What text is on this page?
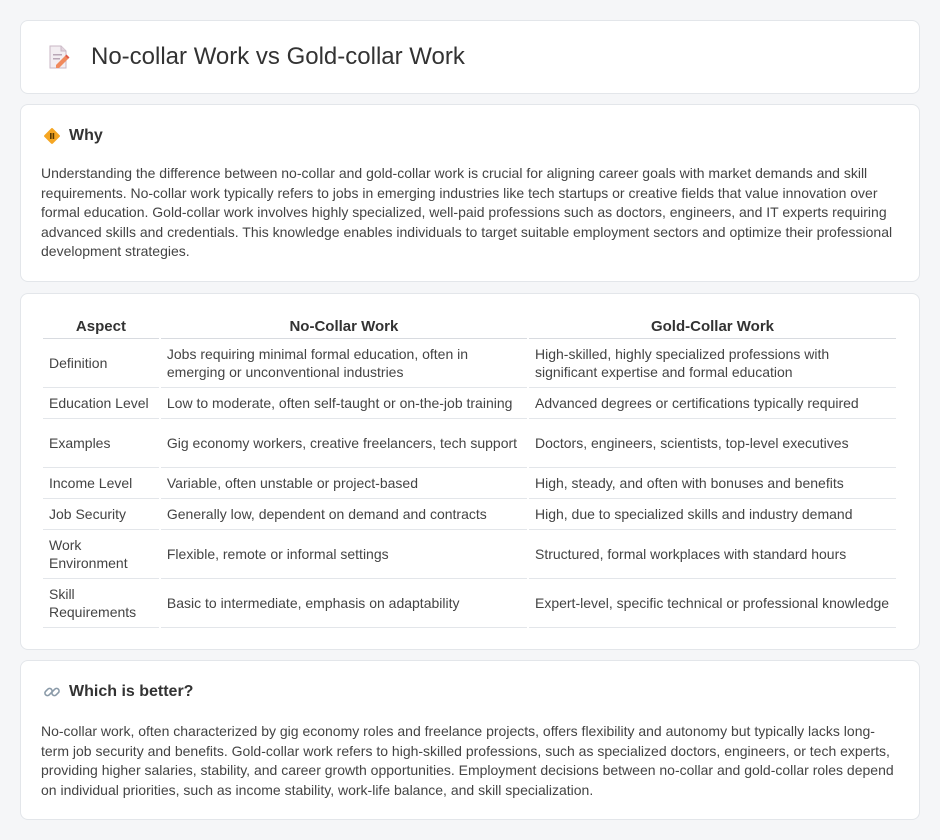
No-collar Work vs Gold-collar Work
Why

Understanding the difference between no-collar and gold-collar work is crucial for aligning career goals with market demands and skill requirements. No-collar work typically refers to jobs in emerging industries like tech startups or creative fields that value innovation over formal education. Gold-collar work involves highly specialized, well-paid professions such as doctors, engineers, and IT experts requiring advanced skills and credentials. This knowledge enables individuals to target suitable employment sectors and optimize their professional development strategies.

Aspect	No-Collar Work	Gold-Collar Work
Definition	Jobs requiring minimal formal education, often in emerging or unconventional industries	High-skilled, highly specialized professions with significant expertise and formal education
Education Level	Low to moderate, often self-taught or on-the-job training	Advanced degrees or certifications typically required
Examples	Gig economy workers, creative freelancers, tech support	Doctors, engineers, scientists, top-level executives
Income Level	Variable, often unstable or project-based	High, steady, and often with bonuses and benefits
Job Security	Generally low, dependent on demand and contracts	High, due to specialized skills and industry demand
Work Environment	Flexible, remote or informal settings	Structured, formal workplaces with standard hours
Skill Requirements	Basic to intermediate, emphasis on adaptability	Expert-level, specific technical or professional knowledge
Which is better?

No-collar work, often characterized by gig economy roles and freelance projects, offers flexibility and autonomy but typically lacks long-term job security and benefits. Gold-collar work refers to high-skilled professions, such as specialized doctors, engineers, or tech experts, providing higher salaries, stability, and career growth opportunities. Employment decisions between no-collar and gold-collar roles depend on individual priorities, such as income stability, work-life balance, and skill specialization.
